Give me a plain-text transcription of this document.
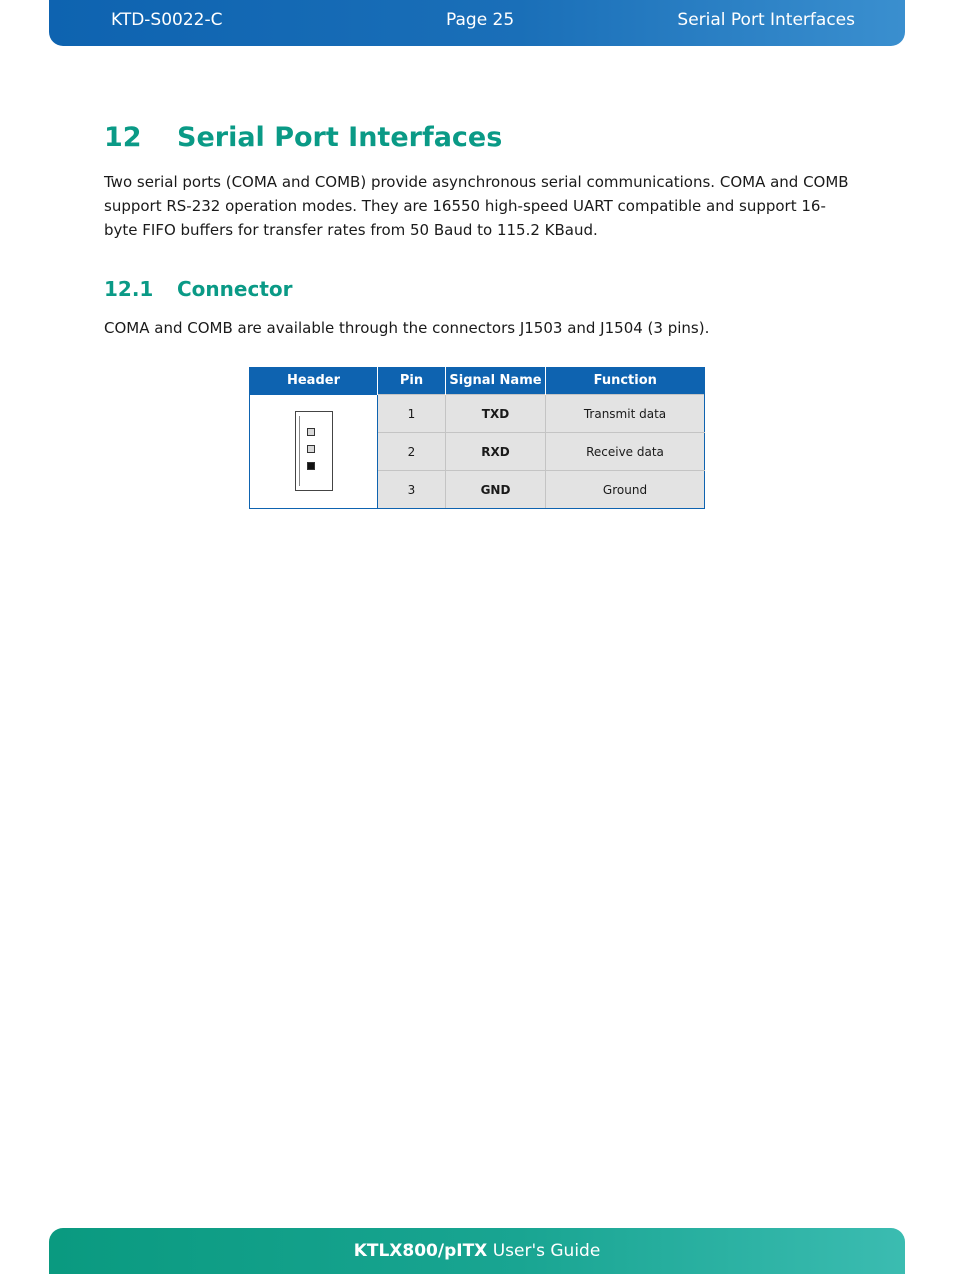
KTD-S0022-C	Page 25	Serial Port Interfaces
12 Serial Port Interfaces

Two serial ports (COMA and COMB) provide asynchronous serial communications. COMA and COMB support RS-232 operation modes. They are 16550 high-speed UART compatible and support 16-byte FIFO buffers for transfer rates from 50 Baud to 115.2 KBaud.

12.1 Connector

COMA and COMB are available through the connectors J1503 and J1504 (3 pins).

Header	Pin	Signal Name	Function

	1	TXD	Transmit data
	2	RXD	Receive data
	3	GND	Ground
KTLX800/pITX User's Guide
